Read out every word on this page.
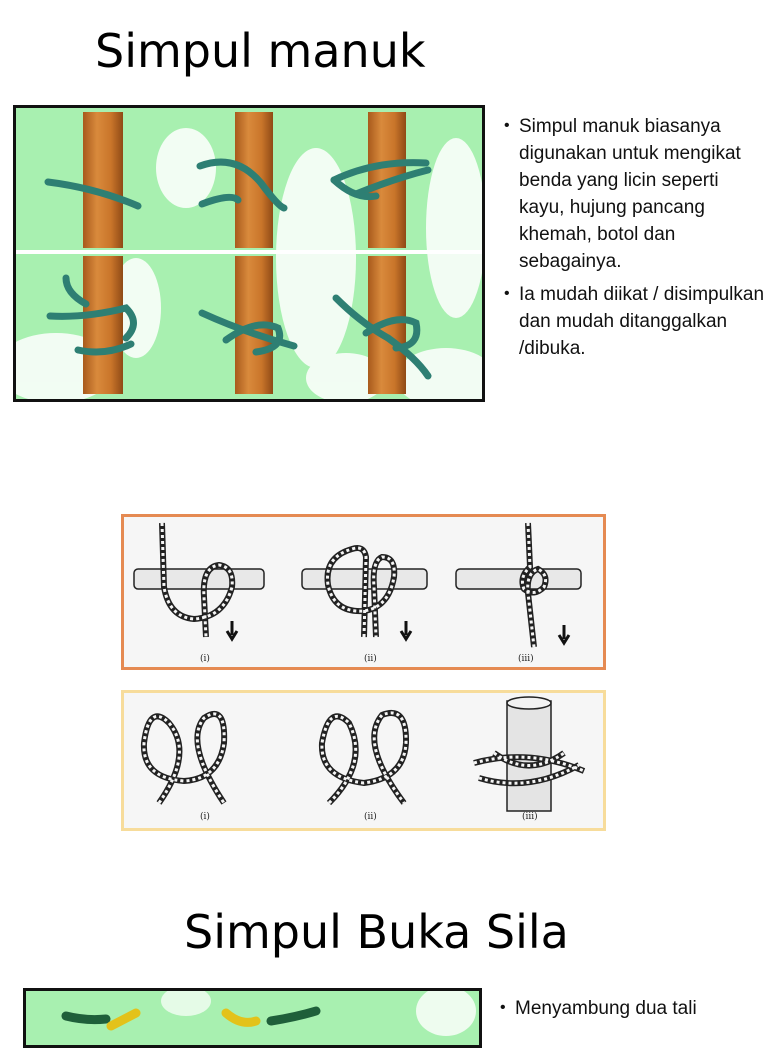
Simpul manuk
• Simpul manuk biasanya digunakan untuk mengikat benda yang licin seperti kayu, hujung pancang khemah, botol dan sebagainya.
• Ia mudah diikat / disimpulkan dan mudah ditanggalkan /dibuka.
(i)	(ii)	(iii)
(i)	(ii)	(iii)
Simpul Buka Sila
• Menyambung dua tali
